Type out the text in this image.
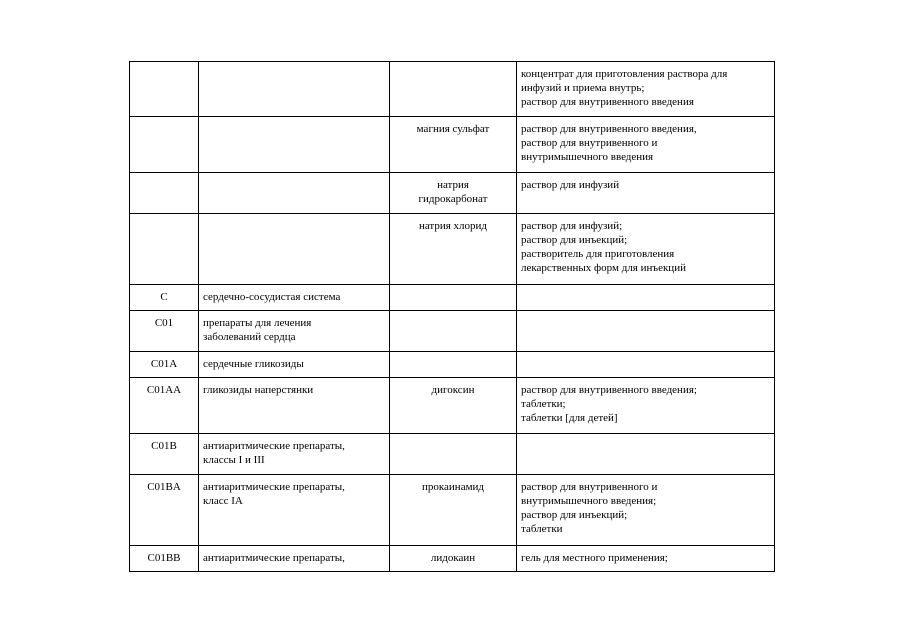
			концентрат для приготовления раствора для
инфузий и приема внутрь;
раствор для внутривенного введения

		магния сульфат	раствор для внутривенного введения,
раствор для внутривенного и
внутримышечного введения

		натрия
гидрокарбонат	раствор для инфузий

		натрия хлорид	раствор для инфузий;
раствор для инъекций;
растворитель для приготовления
лекарственных форм для инъекций

C	сердечно-сосудистая система		

C01	препараты для лечения
заболеваний сердца		

C01A	сердечные гликозиды		

C01AA	гликозиды наперстянки	дигоксин	раствор для внутривенного введения;
таблетки;
таблетки [для детей]

C01B	антиаритмические препараты,
классы I и III		

C01BA	антиаритмические препараты,
класс IA	прокаинамид	раствор для внутривенного и
внутримышечного введения;
раствор для инъекций;
таблетки

C01BB	антиаритмические препараты,	лидокаин	гель для местного применения;
